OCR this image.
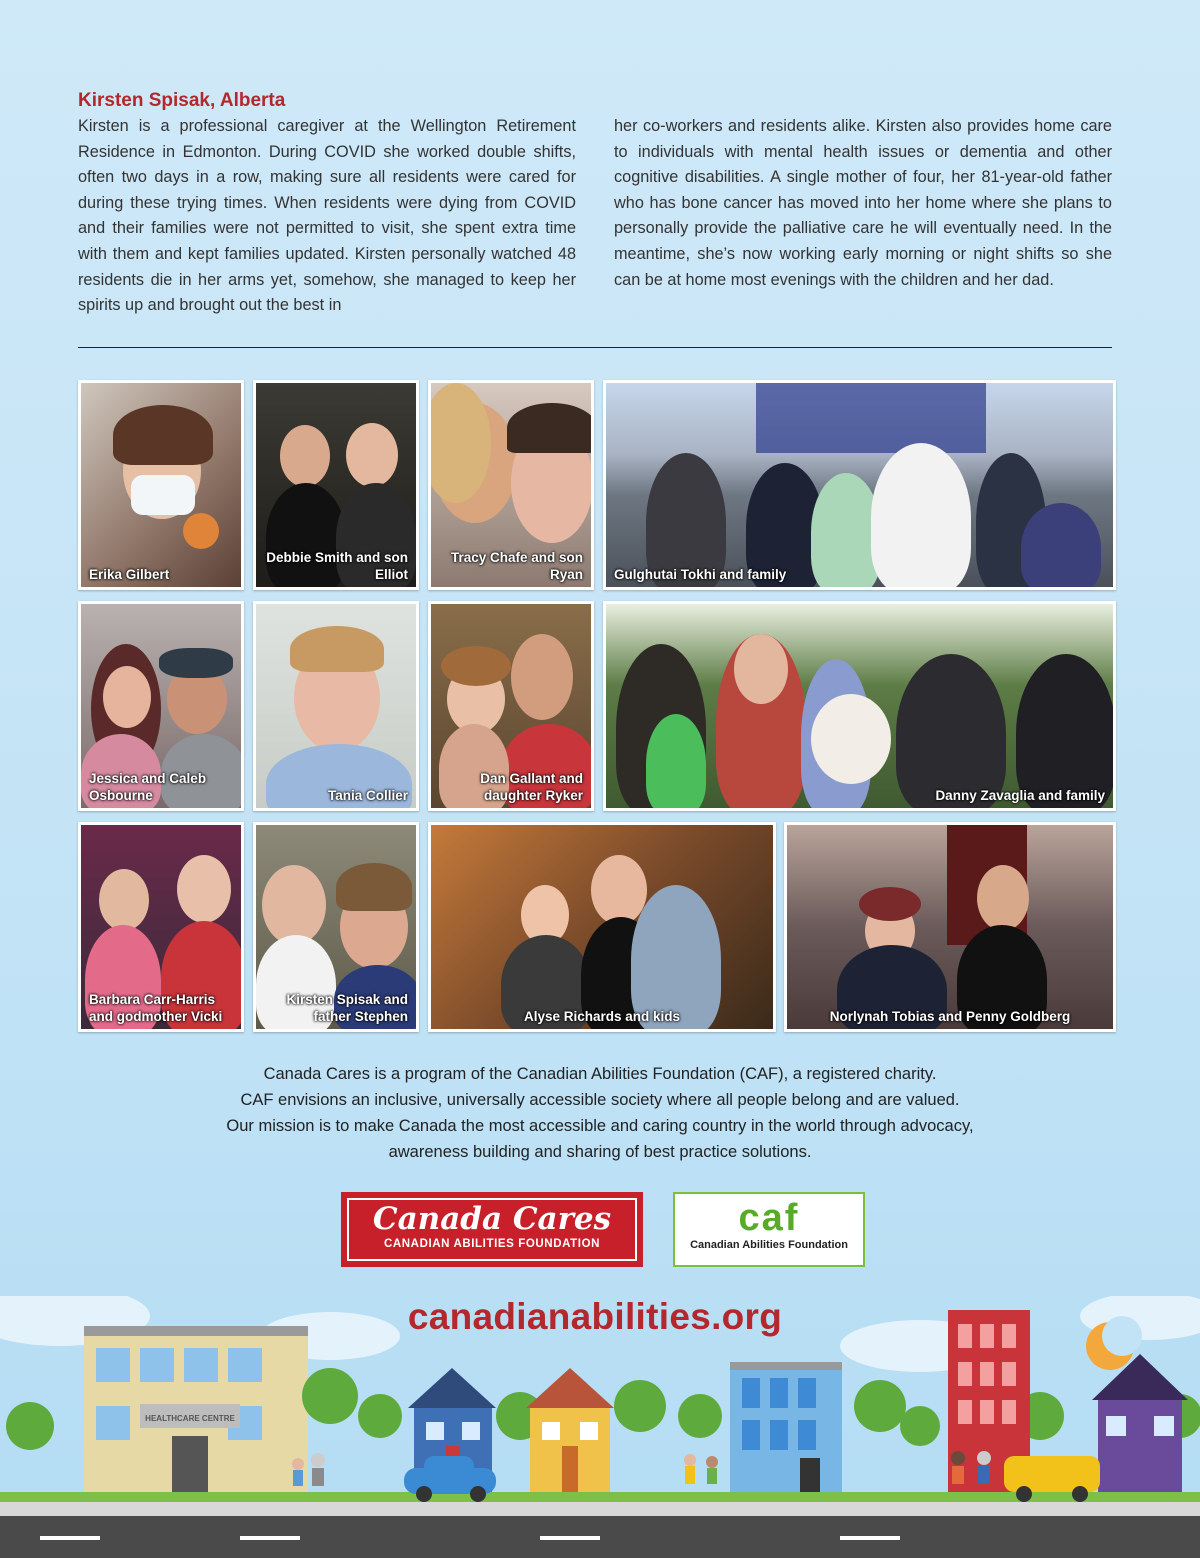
Kirsten Spisak, Alberta
Kirsten is a professional caregiver at the Wellington Retirement Residence in Edmonton. During COVID she worked double shifts, often two days in a row, making sure all residents were cared for during these trying times. When residents were dying from COVID and their families were not permitted to visit, she spent extra time with them and kept families updated. Kirsten personally watched 48 residents die in her arms yet, somehow, she managed to keep her spirits up and brought out the best in
her co-workers and residents alike. Kirsten also provides home care to individuals with mental health issues or dementia and other cognitive disabilities. A single mother of four, her 81-year-old father who has bone cancer has moved into her home where she plans to personally provide the palliative care he will eventually need. In the meantime, she’s now working early morning or night shifts so she can be at home most evenings with the children and her dad.
Erika Gilbert
Debbie Smith and son Elliot
Tracy Chafe and son Ryan Gulghutai Tokhi and family
Jessica and Caleb Osbourne	Tania Collier
Dan Gallant and daughter Ryker	Danny Zavaglia and family
Barbara Carr-Harris and godmother Vicki
Kirsten Spisak and father Stephen	Alyse Richards and kids	Norlynah Tobias and Penny Goldberg
Canada Cares is a program of the Canadian Abilities Foundation (CAF), a registered charity.
CAF envisions an inclusive, universally accessible society where all people belong and are valued.
Our mission is to make Canada the most accessible and caring country in the world through advocacy,
awareness building and sharing of best practice solutions.
Canada Cares
CANADIAN ABILITIES FOUNDATION
caf
Canadian Abilities Foundation
canadianabilities.org
HEALTHCARE CENTRE
